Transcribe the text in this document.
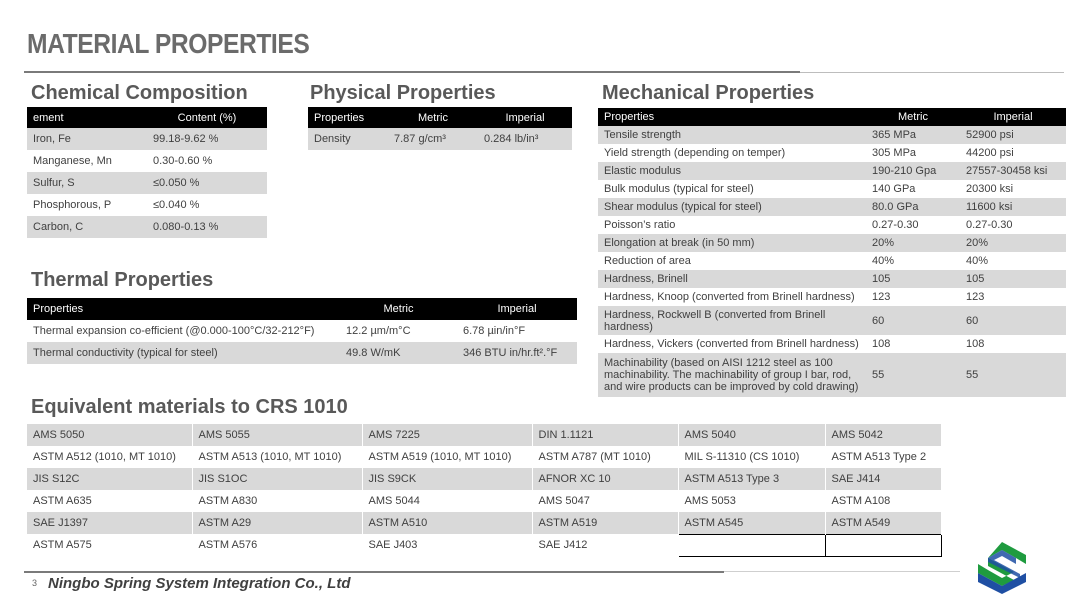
MATERIAL PROPERTIES
Chemical Composition
ement	Content (%)
Iron, Fe	99.18-9.62 %
Manganese, Mn	0.30-0.60 %
Sulfur, S	≤0.050 %
Phosphorous, P	≤0.040 %
Carbon, C	0.080-0.13 %
Physical Properties
Properties	Metric	Imperial
Density	7.87 g/cm³	0.284 lb/in³
Mechanical Properties
Properties	Metric	Imperial
Tensile strength	365 MPa	52900 psi
Yield strength (depending on temper)	305 MPa	44200 psi
Elastic modulus	190-210 Gpa	27557-30458 ksi
Bulk modulus (typical for steel)	140 GPa	20300 ksi
Shear modulus (typical for steel)	80.0 GPa	11600 ksi
Poisson’s ratio	0.27-0.30	0.27-0.30
Elongation at break (in 50 mm)	20%	20%
Reduction of area	40%	40%
Hardness, Brinell	105	105
Hardness, Knoop (converted from Brinell hardness)	123	123
Hardness, Rockwell B (converted from Brinell hardness)	60	60
Hardness, Vickers (converted from Brinell hardness)	108	108
Machinability (based on AISI 1212 steel as 100 machinability. The machinability of group I bar, rod, and wire products can be improved by cold drawing)	55	55
Thermal Properties
Properties	Metric	Imperial
Thermal expansion co-efficient (@0.000-100°C/32-212°F)	12.2 µm/m°C	6.78 µin/in°F
Thermal conductivity (typical for steel)	49.8 W/mK	346 BTU in/hr.ft².°F
Equivalent materials to CRS 1010
AMS 5050	AMS 5055	AMS 7225	DIN 1.1121	AMS 5040	AMS 5042
ASTM A512 (1010, MT 1010)	ASTM A513 (1010, MT 1010)	ASTM A519 (1010, MT 1010)	ASTM A787 (MT 1010)	MIL S-11310 (CS 1010)	ASTM A513 Type 2
JIS S12C	JIS S1OC	JIS S9CK	AFNOR XC 10	ASTM A513 Type 3	SAE J414
ASTM A635	ASTM A830	AMS 5044	AMS 5047	AMS 5053	ASTM A108
SAE J1397	ASTM A29	ASTM A510	ASTM A519	ASTM A545	ASTM A549
ASTM A575	ASTM A576	SAE J403	SAE J412		
3 Ningbo Spring System Integration Co., Ltd
